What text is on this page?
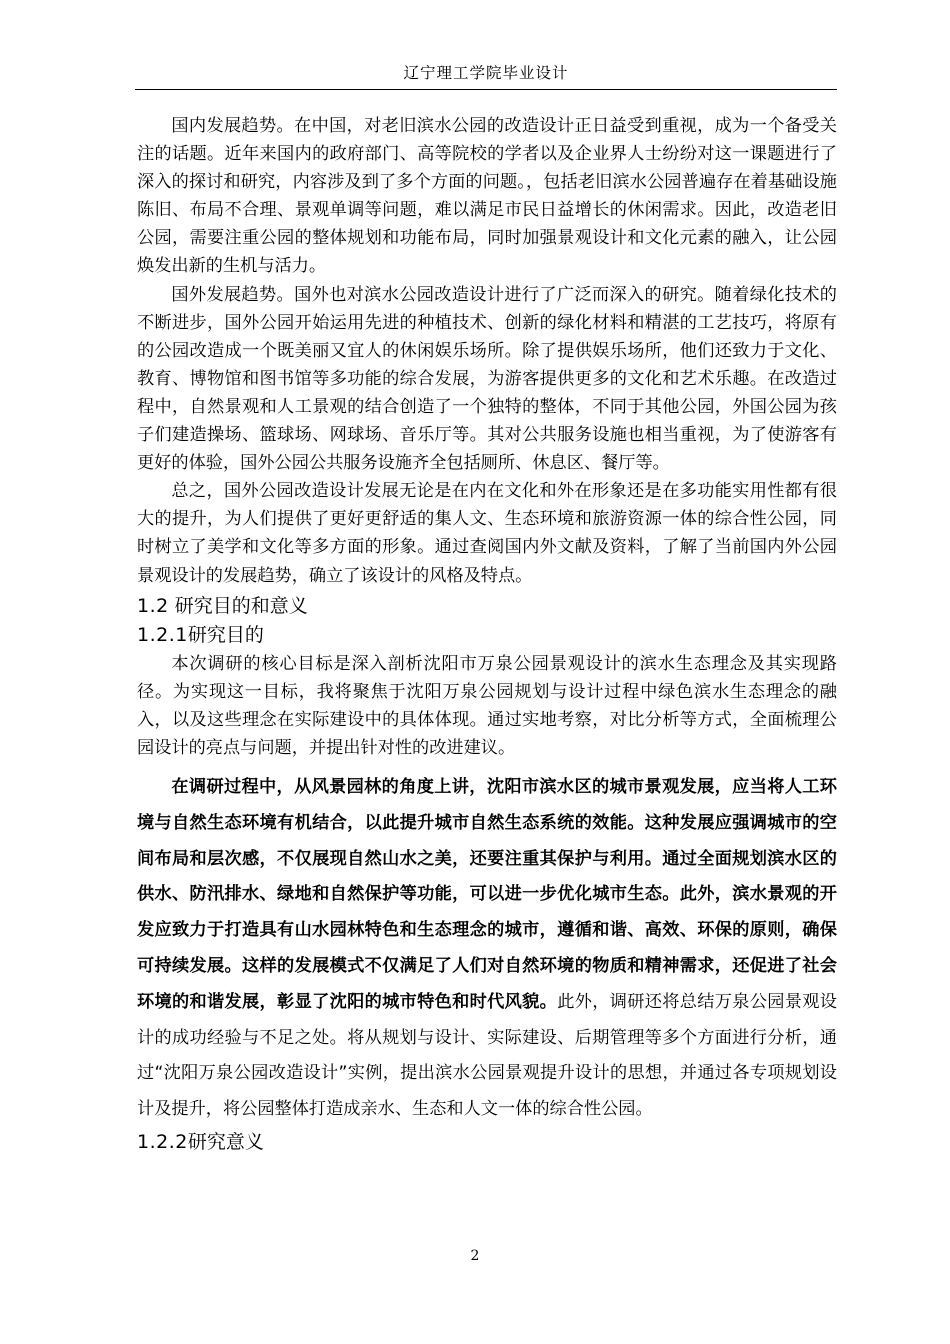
辽宁理工学院毕业设计

国内发展趋势。在中国，对老旧滨水公园的改造设计正日益受到重视，成为一个备受关注的话题。近年来国内的政府部门、高等院校的学者以及企业界人士纷纷对这一课题进行了深入的探讨和研究，内容涉及到了多个方面的问题。，包括老旧滨水公园普遍存在着基础设施陈旧、布局不合理、景观单调等问题，难以满足市民日益增长的休闲需求。因此，改造老旧公园，需要注重公园的整体规划和功能布局，同时加强景观设计和文化元素的融入，让公园焕发出新的生机与活力。

国外发展趋势。国外也对滨水公园改造设计进行了广泛而深入的研究。随着绿化技术的不断进步，国外公园开始运用先进的种植技术、创新的绿化材料和精湛的工艺技巧，将原有的公园改造成一个既美丽又宜人的休闲娱乐场所。除了提供娱乐场所，他们还致力于文化、教育、博物馆和图书馆等多功能的综合发展，为游客提供更多的文化和艺术乐趣。在改造过程中，自然景观和人工景观的结合创造了一个独特的整体，不同于其他公园，外国公园为孩子们建造操场、篮球场、网球场、音乐厅等。其对公共服务设施也相当重视，为了使游客有更好的体验，国外公园公共服务设施齐全包括厕所、休息区、餐厅等。

总之，国外公园改造设计发展无论是在内在文化和外在形象还是在多功能实用性都有很大的提升，为人们提供了更好更舒适的集人文、生态环境和旅游资源一体的综合性公园，同时树立了美学和文化等多方面的形象。通过查阅国内外文献及资料，了解了当前国内外公园景观设计的发展趋势，确立了该设计的风格及特点。

1.2 研究目的和意义
1.2.1研究目的

本次调研的核心目标是深入剖析沈阳市万泉公园景观设计的滨水生态理念及其实现路径。为实现这一目标，我将聚焦于沈阳万泉公园规划与设计过程中绿色滨水生态理念的融入，以及这些理念在实际建设中的具体体现。通过实地考察，对比分析等方式，全面梳理公园设计的亮点与问题，并提出针对性的改进建议。

在调研过程中，从风景园林的角度上讲，沈阳市滨水区的城市景观发展，应当将人工环境与自然生态环境有机结合，以此提升城市自然生态系统的效能。这种发展应强调城市的空间布局和层次感，不仅展现自然山水之美，还要注重其保护与利用。通过全面规划滨水区的供水、防汛排水、绿地和自然保护等功能，可以进一步优化城市生态。此外，滨水景观的开发应致力于打造具有山水园林特色和生态理念的城市，遵循和谐、高效、环保的原则，确保可持续发展。这样的发展模式不仅满足了人们对自然环境的物质和精神需求，还促进了社会环境的和谐发展，彰显了沈阳的城市特色和时代风貌。此外，调研还将总结万泉公园景观设计的成功经验与不足之处。将从规划与设计、实际建设、后期管理等多个方面进行分析，通过“沈阳万泉公园改造设计”实例，提出滨水公园景观提升设计的思想，并通过各专项规划设计及提升，将公园整体打造成亲水、生态和人文一体的综合性公园。

1.2.2研究意义
2
